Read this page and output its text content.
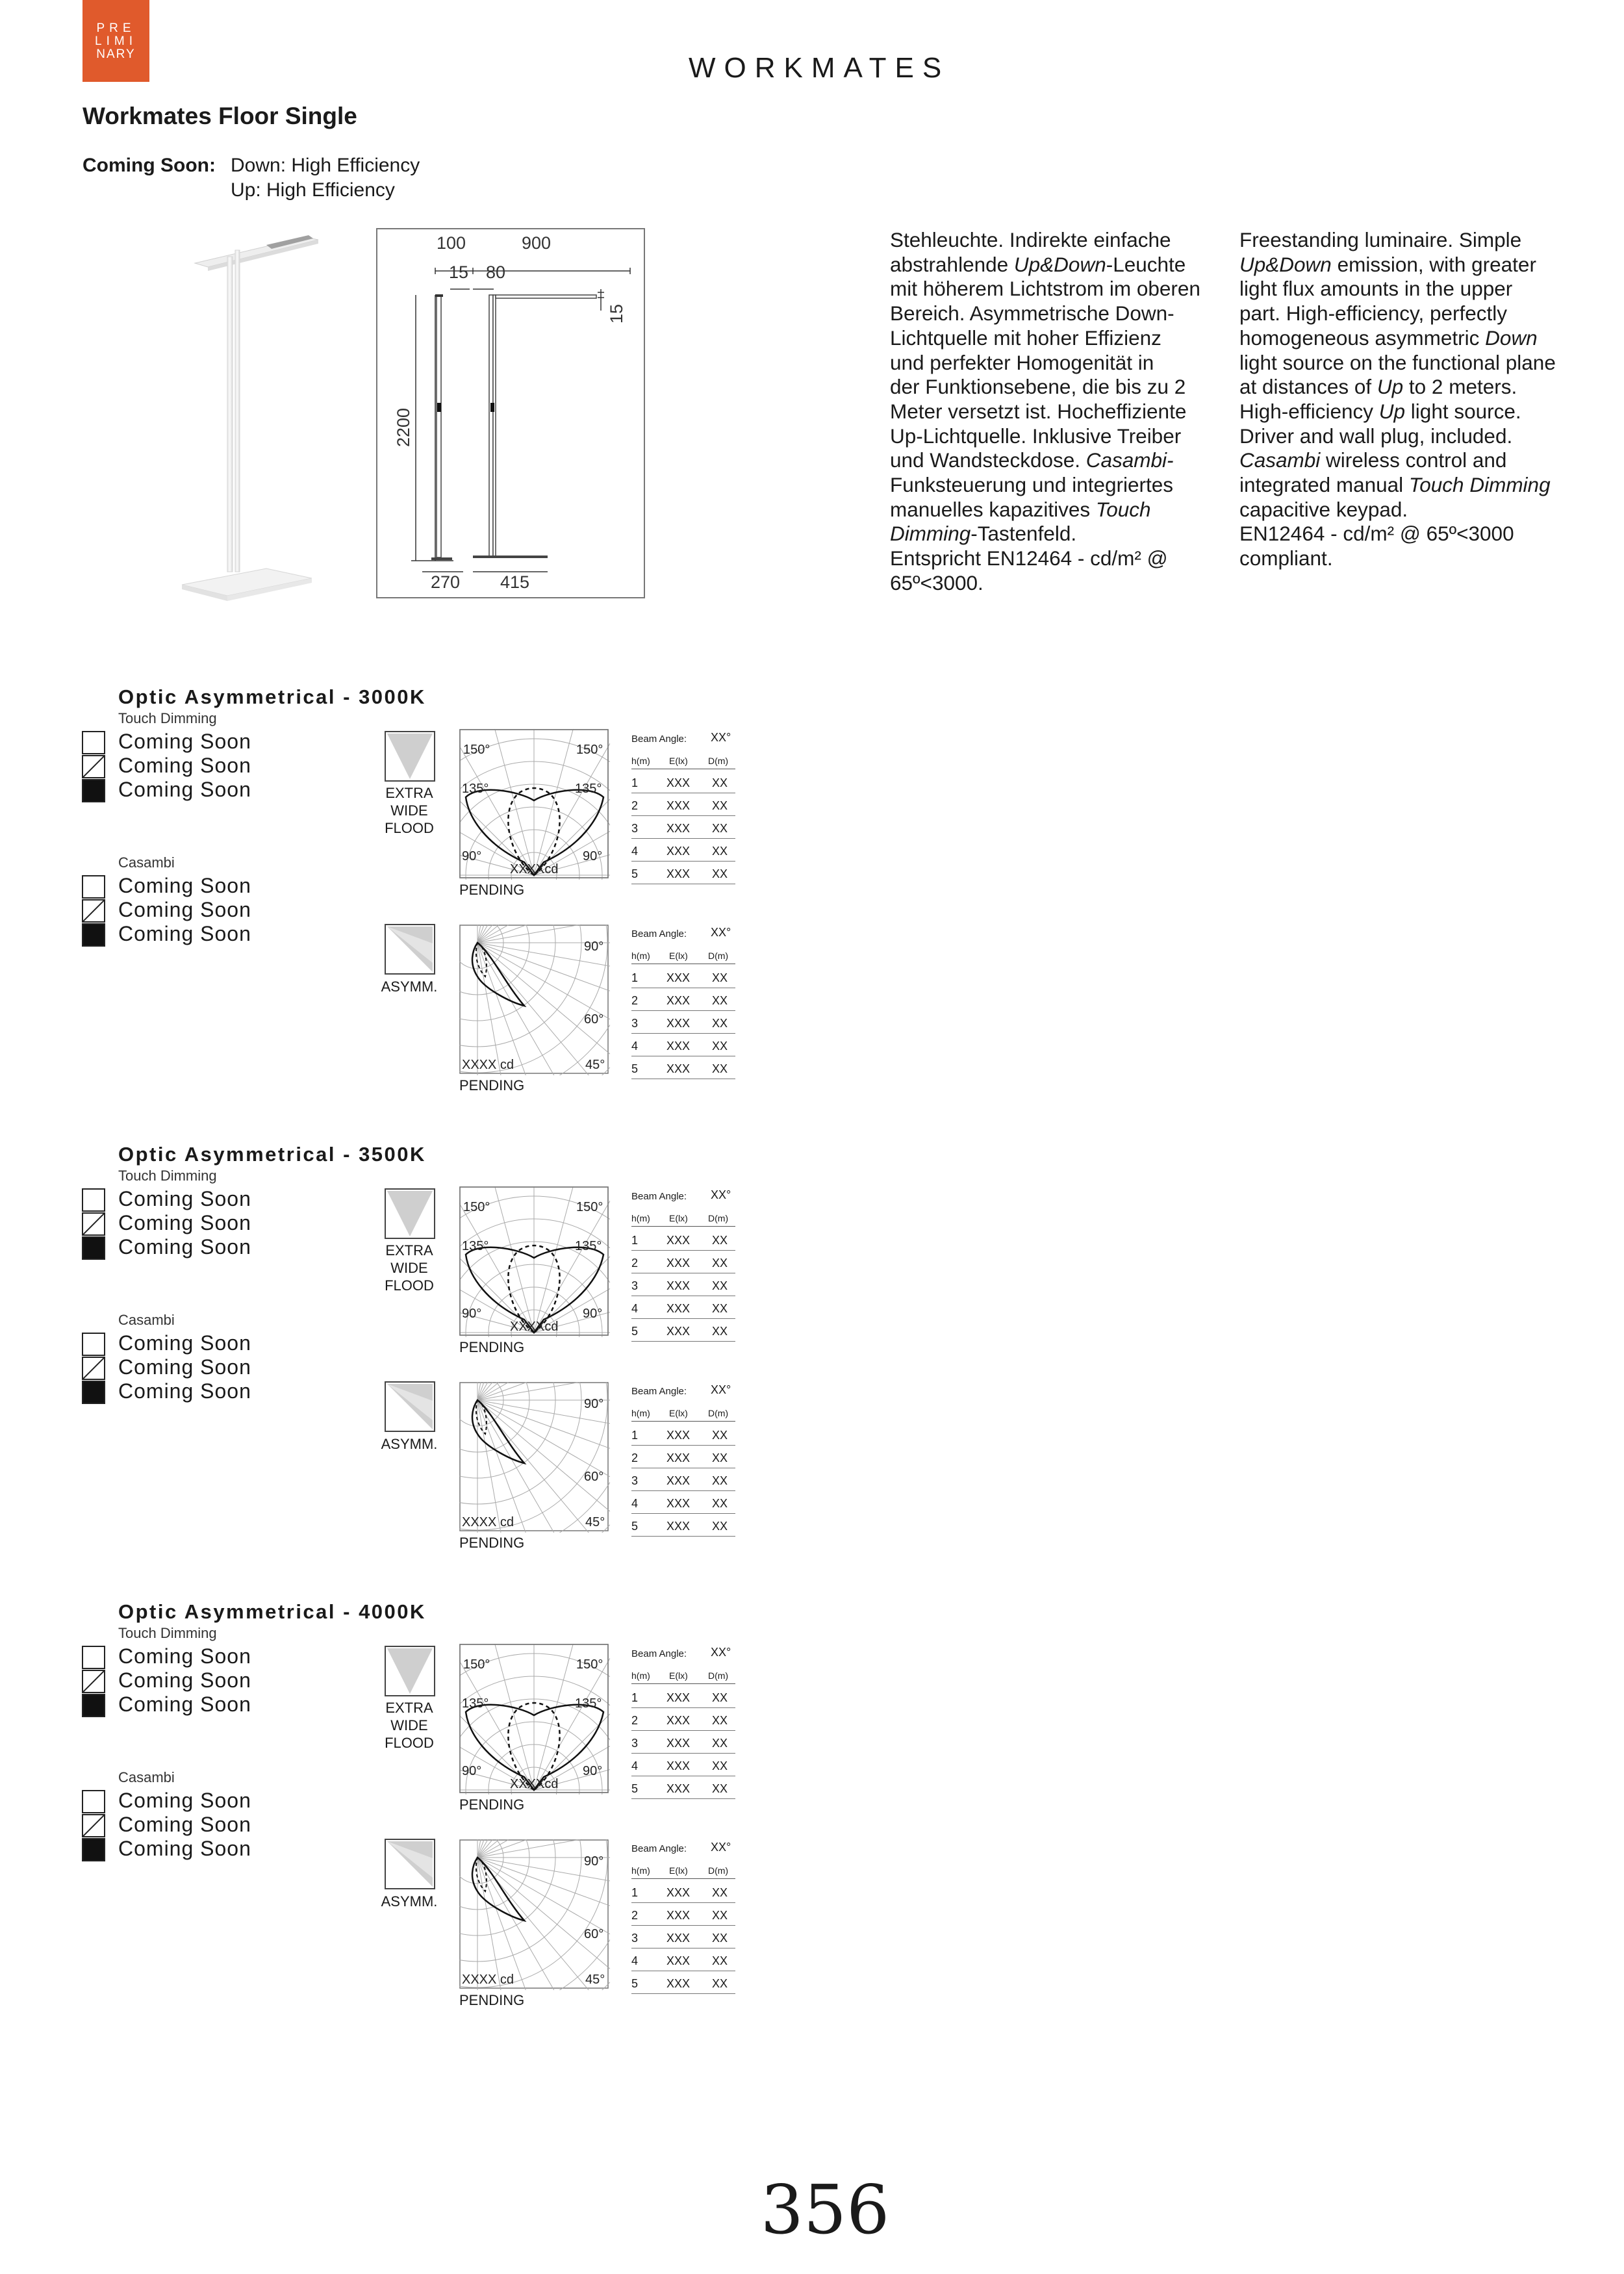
PRE
LIMI
NARY	WORKMATES
Workmates Floor Single
Coming Soon: Down: High Efficiency
Up: High Efficiency
100	900
15 80
15
2200
270 415
Stehleuchte. Indirekte einfache
abstrahlende Up&Down-Leuchte
mit höherem Lichtstrom im oberen
Bereich. Asymmetrische Down-
Lichtquelle mit hoher Effizienz
und perfekter Homogenität in
der Funktionsebene, die bis zu 2
Meter versetzt ist. Hocheffiziente
Up-Lichtquelle. Inklusive Treiber
und Wandsteckdose. Casambi-
Funksteuerung und integriertes
manuelles kapazitives Touch
Dimming-Tastenfeld.
Entspricht EN12464 - cd/m² @
65º<3000.
Freestanding luminaire. Simple
Up&Down emission, with greater
light flux amounts in the upper
part. High-efficiency, perfectly
homogeneous asymmetric Down
light source on the functional plane
at distances of Up to 2 meters.
High-efficiency Up light source.
Driver and wall plug, included.
Casambi wireless control and
integrated manual Touch Dimming
capacitive keypad.
EN12464 - cd/m² @ 65º<3000
compliant.
Optic Asymmetrical - 3000K
Touch Dimming
Coming Soon
Coming Soon
Coming Soon
Casambi
Coming Soon
Coming Soon
Coming Soon
EXTRA
WIDE
FLOOD
ASYMM.
150°	150°
135°	135°
90°	90°
XXXXcd
PENDING
90°
60°
45°
XXXX cd
PENDING
Beam Angle: XX°
h(m) E(lx) D(m)
1 XXX XX
2 XXX XX
3 XXX XX
4 XXX XX
5 XXX XX
Beam Angle: XX°
h(m) E(lx) D(m)
1 XXX XX
2 XXX XX
3 XXX XX
4 XXX XX
5 XXX XX
Optic Asymmetrical - 3500K
Touch Dimming
Coming Soon
Coming Soon
Coming Soon
Casambi
Coming Soon
Coming Soon
Coming Soon
EXTRA
WIDE
FLOOD
ASYMM.
150°	150°
135°	135°
90°	90°
XXXXcd
PENDING
90°
60°
45°
XXXX cd
PENDING
Beam Angle: XX°
h(m) E(lx) D(m)
1 XXX XX
2 XXX XX
3 XXX XX
4 XXX XX
5 XXX XX
Beam Angle: XX°
h(m) E(lx) D(m)
1 XXX XX
2 XXX XX
3 XXX XX
4 XXX XX
5 XXX XX
Optic Asymmetrical - 4000K
Touch Dimming
Coming Soon
Coming Soon
Coming Soon
Casambi
Coming Soon
Coming Soon
Coming Soon
EXTRA
WIDE
FLOOD
ASYMM.
150°	150°
135°	135°
90°	90°
XXXXcd
PENDING
90°
60°
45°
XXXX cd
PENDING
Beam Angle: XX°
h(m) E(lx) D(m)
1 XXX XX
2 XXX XX
3 XXX XX
4 XXX XX
5 XXX XX
Beam Angle: XX°
h(m) E(lx) D(m)
1 XXX XX
2 XXX XX
3 XXX XX
4 XXX XX
5 XXX XX
356
